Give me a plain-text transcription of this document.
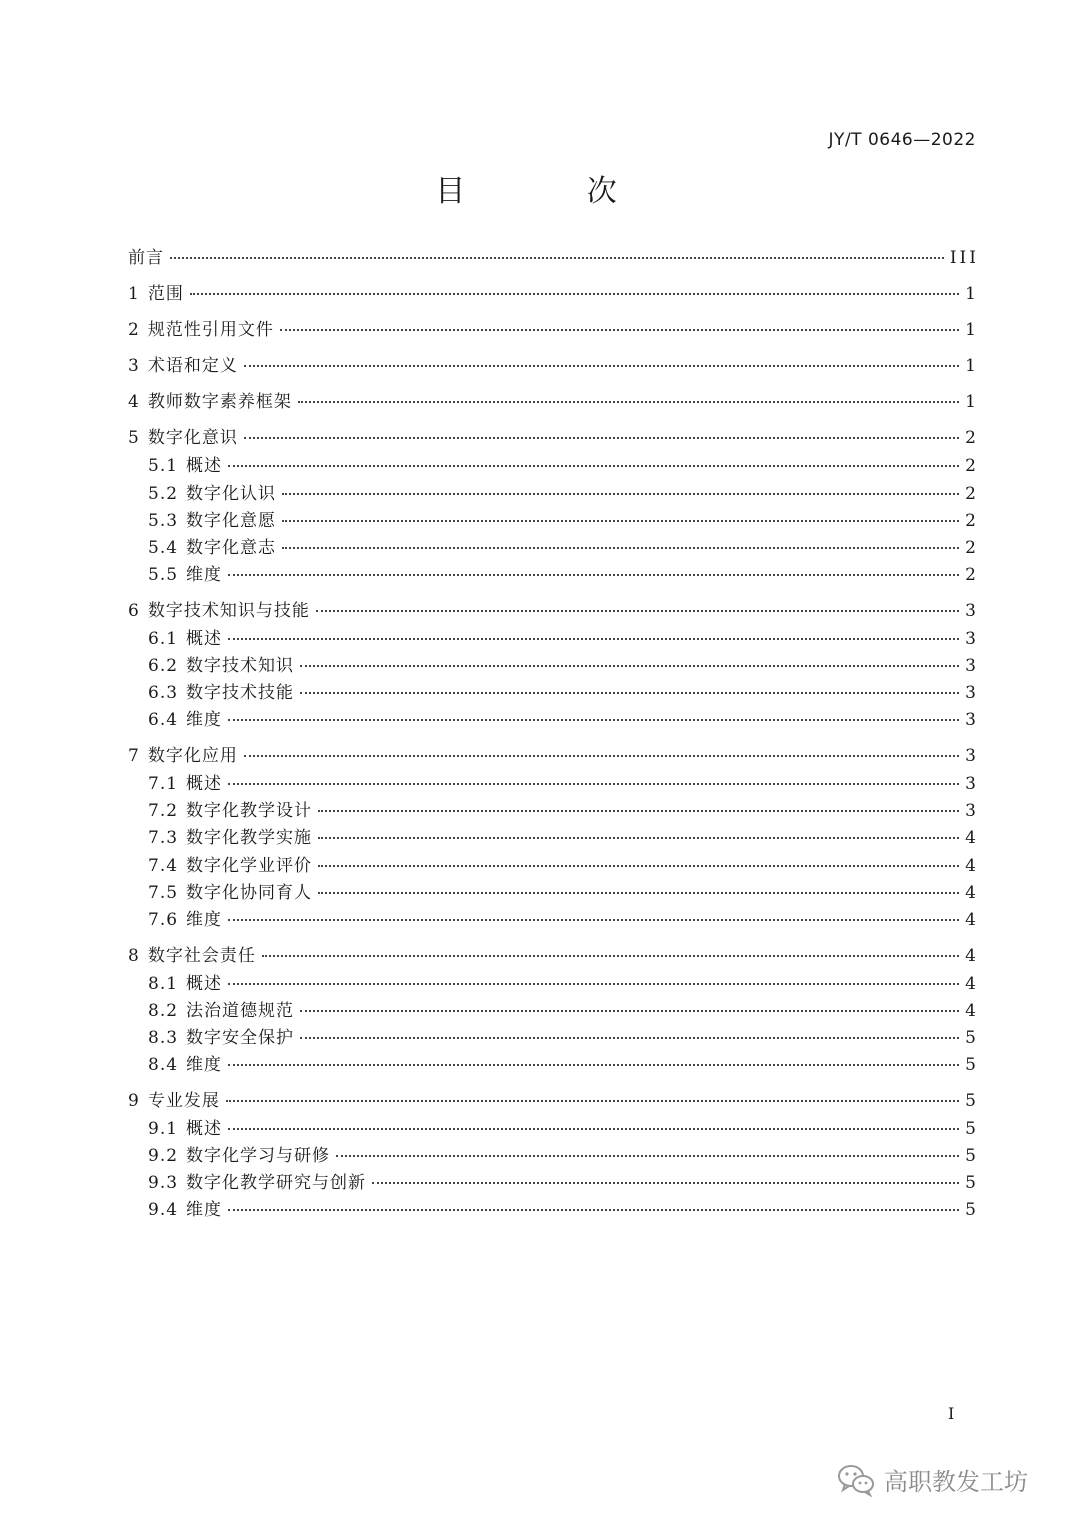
JY/T 0646—2022
目 次
前言	III
1 范围	1
2 规范性引用文件	1
3 术语和定义	1
4 教师数字素养框架	1
5 数字化意识	2
5.1 概述	2
5.2 数字化认识	2
5.3 数字化意愿	2
5.4 数字化意志	2
5.5 维度	2
6 数字技术知识与技能	3
6.1 概述	3
6.2 数字技术知识	3
6.3 数字技术技能	3
6.4 维度	3
7 数字化应用	3
7.1 概述	3
7.2 数字化教学设计	3
7.3 数字化教学实施	4
7.4 数字化学业评价	4
7.5 数字化协同育人	4
7.6 维度	4
8 数字社会责任	4
8.1 概述	4
8.2 法治道德规范	4
8.3 数字安全保护	5
8.4 维度	5
9 专业发展	5
9.1 概述	5
9.2 数字化学习与研修	5
9.3 数字化教学研究与创新	5
9.4 维度	5
I
高职教发工坊
